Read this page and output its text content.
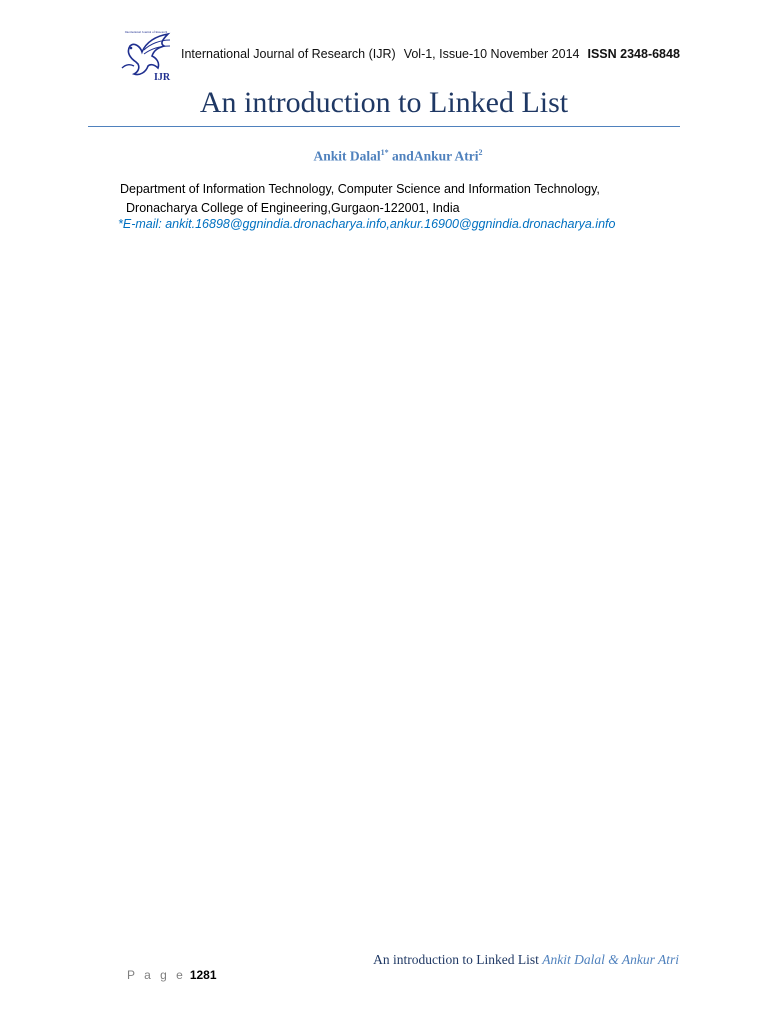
International Journal of Research
IJR
International Journal of Research (IJR) Vol-1, Issue-10 November 2014 ISSN 2348-6848
An introduction to Linked List
Ankit Dalal$^{1*}$ andAnkur Atri$^2$
Department of Information Technology, Computer Science and Information Technology,
Dronacharya College of Engineering,Gurgaon-122001, India
*E-mail: ankit.16898@ggnindia.dronacharya.info,ankur.16900@ggnindia.dronacharya.info
An introduction to Linked List Ankit Dalal & Ankur Atri
P a g e 1281
